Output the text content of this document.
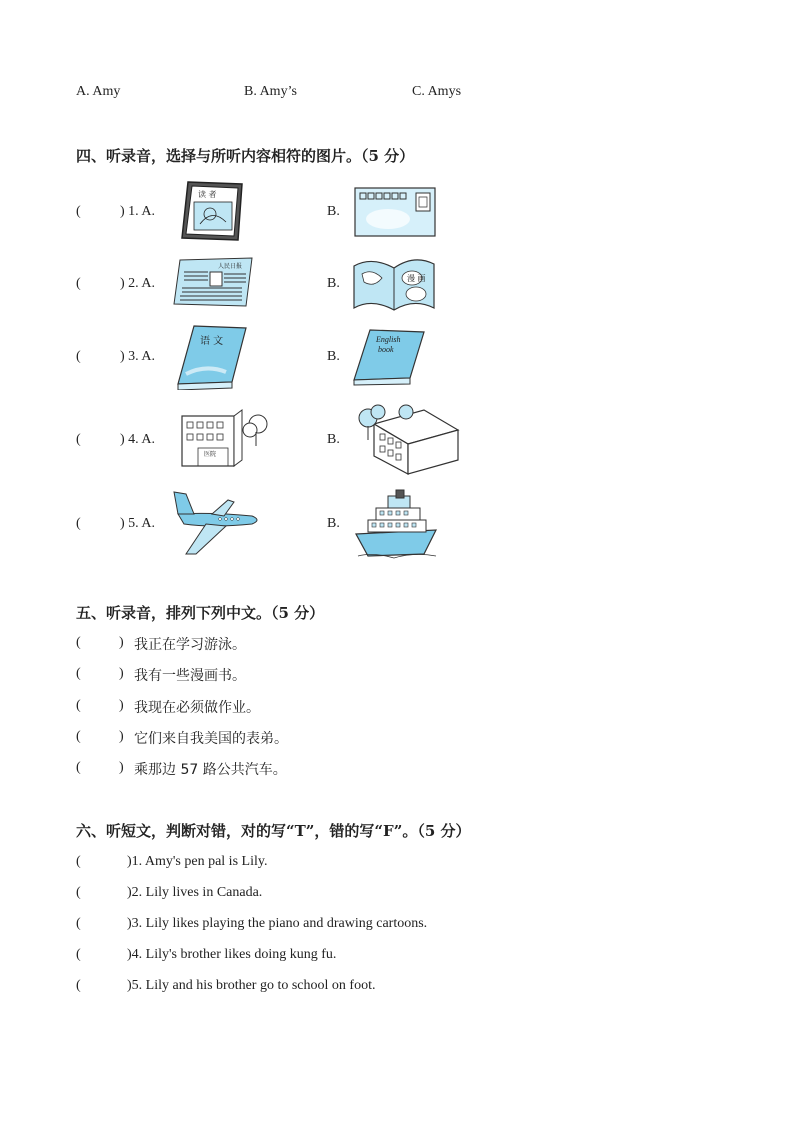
A. Amy	B. Amy’s	C. Amys
四、听录音，选择与所听内容相符的图片。（5 分）
(	) 1. A.	B.
读 者
(	) 2. A.	B.
人民日报
漫 画
(	) 3. A.	B.
语 文	English
book
(	) 4. A.	B.
医院
(	) 5. A.	B.
五、听录音，排列下列中文。（5 分）
(	) 我正在学习游泳。
(	) 我有一些漫画书。
(	) 我现在必须做作业。
(	) 它们来自我美国的表弟。
(	) 乘那边 57 路公共汽车。
六、听短文，判断对错，对的写“T”，错的写“F”。（5 分）
(	)1. Amy's pen pal is Lily.
(	)2. Lily lives in Canada.
(	)3. Lily likes playing the piano and drawing cartoons.
(	)4. Lily's brother likes doing kung fu.
(	)5. Lily and his brother go to school on foot.
